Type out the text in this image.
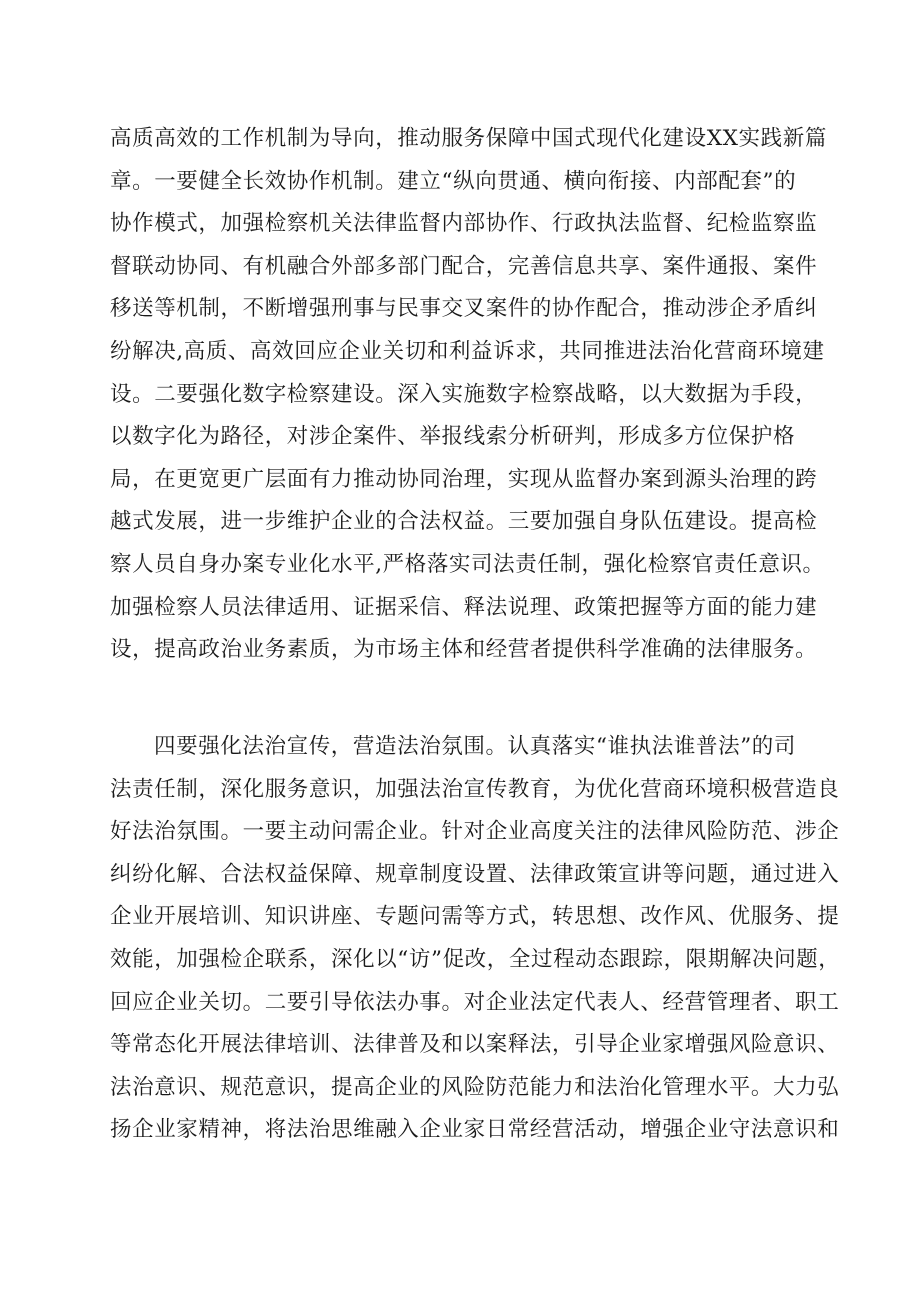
高质高效的工作机制为导向，推动服务保障中国式现代化建设XX实践新篇
章。一要健全长效协作机制。建立“纵向贯通、横向衔接、内部配套”的
协作模式，加强检察机关法律监督内部协作、行政执法监督、纪检监察监
督联动协同、有机融合外部多部门配合，完善信息共享、案件通报、案件
移送等机制，不断增强刑事与民事交叉案件的协作配合，推动涉企矛盾纠
纷解决,高质、高效回应企业关切和利益诉求，共同推进法治化营商环境建
设。二要强化数字检察建设。深入实施数字检察战略，以大数据为手段，
以数字化为路径，对涉企案件、举报线索分析研判，形成多方位保护格
局，在更宽更广层面有力推动协同治理，实现从监督办案到源头治理的跨
越式发展，进一步维护企业的合法权益。三要加强自身队伍建设。提高检
察人员自身办案专业化水平,严格落实司法责任制，强化检察官责任意识。
加强检察人员法律适用、证据采信、释法说理、政策把握等方面的能力建
设，提高政治业务素质，为市场主体和经营者提供科学准确的法律服务。
四要强化法治宣传，营造法治氛围。认真落实“谁执法谁普法”的司
法责任制，深化服务意识，加强法治宣传教育，为优化营商环境积极营造良
好法治氛围。一要主动问需企业。针对企业高度关注的法律风险防范、涉企
纠纷化解、合法权益保障、规章制度设置、法律政策宣讲等问题，通过进入
企业开展培训、知识讲座、专题问需等方式，转思想、改作风、优服务、提
效能，加强检企联系，深化以“访”促改，全过程动态跟踪，限期解决问题，
回应企业关切。二要引导依法办事。对企业法定代表人、经营管理者、职工
等常态化开展法律培训、法律普及和以案释法，引导企业家增强风险意识、
法治意识、规范意识，提高企业的风险防范能力和法治化管理水平。大力弘
扬企业家精神，将法治思维融入企业家日常经营活动，增强企业守法意识和
